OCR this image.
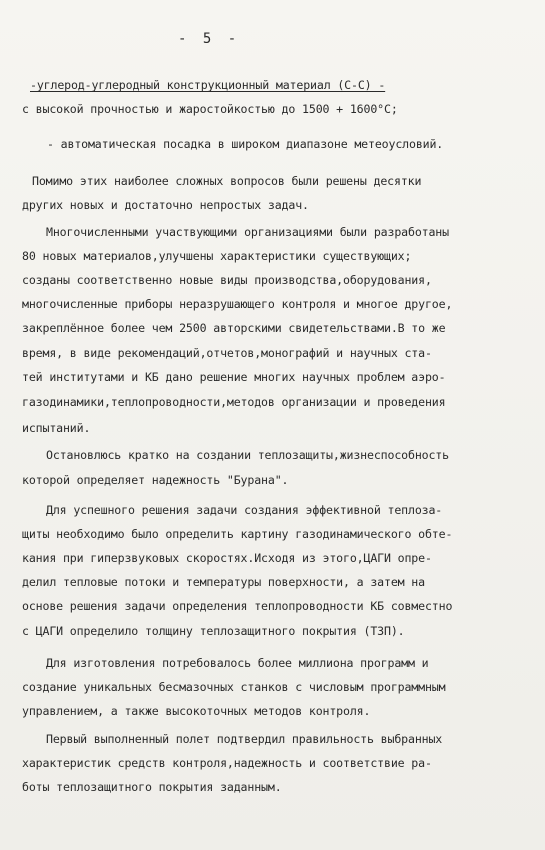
- 5 -
-углерод-углеродный конструкционный материал (С-С) -
с высокой прочностью и жаростойкостью до 1500 + 1600°С;
- автоматическая посадка в широком диапазоне метеоусловий.
Помимо этих наиболее сложных вопросов были решены десятки
других новых и достаточно непростых задач.
Многочисленными участвующими организациями были разработаны
80 новых материалов,улучшены характеристики существующих;
созданы соответственно новые виды производства,оборудования,
многочисленные приборы неразрушающего контроля и многое другое,
закреплённое более чем 2500 авторскими свидетельствами.В то же
время, в виде рекомендаций,отчетов,монографий и научных ста-
тей институтами и КБ дано решение многих научных проблем аэро-
газодинамики,теплопроводности,методов организации и проведения
испытаний.
Остановлюсь кратко на создании теплозащиты,жизнеспособность
которой определяет надежность "Бурана".
Для успешного решения задачи создания эффективной теплоза-
щиты необходимо было определить картину газодинамического обте-
кания при гиперзвуковых скоростях.Исходя из этого,ЦАГИ опре-
делил тепловые потоки и температуры поверхности, а затем на
основе решения задачи определения теплопроводности КБ совместно
с ЦАГИ определило толщину теплозащитного покрытия (ТЗП).
Для изготовления потребовалось более миллиона программ и
создание уникальных бесмазочных станков с числовым программным
управлением, а также высокоточных методов контроля.
Первый выполненный полет подтвердил правильность выбранных
характеристик средств контроля,надежность и соответствие ра-
боты теплозащитного покрытия заданным.
